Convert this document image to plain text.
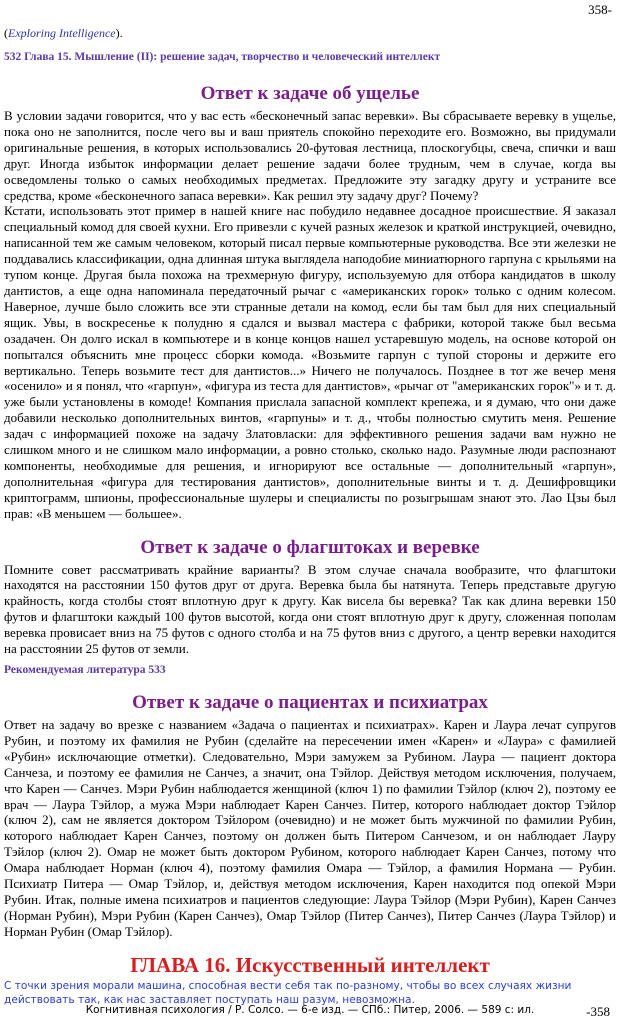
358-

(Exploring Intelligence).

532 Глава 15. Мышление (II): решение задач, творчество и человеческий интеллект

Ответ к задаче об ущелье

В условии задачи говорится, что у вас есть «бесконечный запас веревки». Вы сбрасываете веревку в ущелье, пока оно не заполнится, после чего вы и ваш приятель спокойно переходите его. Возможно, вы придумали оригинальные решения, в которых использовались 20-футовая лестница, плоскогубцы, свеча, спички и ваш друг. Иногда избыток информации делает решение задачи более трудным, чем в случае, когда вы осведомлены только о самых необходимых предметах. Предложите эту загадку другу и устраните все средства, кроме «бесконечного запаса веревки». Как решил эту задачу друг? Почему?

Кстати, использовать этот пример в нашей книге нас побудило недавнее досадное происшествие. Я заказал специальный комод для своей кухни. Его привезли с кучей разных железок и краткой инструкцией, очевидно, написанной тем же самым человеком, который писал первые компьютерные руководства. Все эти железки не поддавались классификации, одна длинная штука выглядела наподобие миниатюрного гарпуна с крыльями на тупом конце. Другая была похожа на трехмерную фигуру, используемую для отбора кандидатов в школу дантистов, а еще одна напоминала передаточный рычаг с «американских горок» только с одним колесом. Наверное, лучше было сложить все эти странные детали на комод, если бы там был для них специальный ящик. Увы, в воскресенье к полудню я сдался и вызвал мастера с фабрики, которой также был весьма озадачен. Он долго искал в компьютере и в конце концов нашел устаревшую модель, на основе которой он попытался объяснить мне процесс сборки комода. «Возьмите гарпун с тупой стороны и держите его вертикально. Теперь возьмите тест для дантистов...» Ничего не получалось. Позднее в тот же вечер меня «осенило» и я понял, что «гарпун», «фигура из теста для дантистов», «рычаг от "американских горок"» и т. д. уже были установлены в комоде! Компания прислала запасной комплект крепежа, и я думаю, что они даже добавили несколько дополнительных винтов, «гарпуны» и т. д., чтобы полностью смутить меня. Решение задач с информацией похоже на задачу Златовласки: для эффективного решения задачи вам нужно не слишком много и не слишком мало информации, а ровно столько, сколько надо. Разумные люди распознают компоненты, необходимые для решения, и игнорируют все остальные — дополнительный «гарпун», дополнительная «фигура для тестирования дантистов», дополнительные винты и т. д. Дешифровщики криптограмм, шпионы, профессиональные шулеры и специалисты по розыгрышам знают это. Лао Цзы был прав: «В меньшем — большее».

Ответ к задаче о флагштоках и веревке

Помните совет рассматривать крайние варианты? В этом случае сначала вообразите, что флагштоки находятся на расстоянии 150 футов друг от друга. Веревка была бы натянута. Теперь представьте другую крайность, когда столбы стоят вплотную друг к другу. Как висела бы веревка? Так как длина веревки 150 футов и флагштоки каждый 100 футов высотой, когда они стоят вплотную друг к другу, сложенная пополам веревка провисает вниз на 75 футов с одного столба и на 75 футов вниз с другого, а центр веревки находится на расстоянии 25 футов от земли.

Рекомендуемая литература 533

Ответ к задаче о пациентах и психиатрах

Ответ на задачу во врезке с названием «Задача о пациентах и психиатрах». Карен и Лаура лечат супругов Рубин, и поэтому их фамилия не Рубин (сделайте на пересечении имен «Карен» и «Лаура» с фамилией «Рубин» исключающие отметки). Следовательно, Мэри замужем за Рубином. Лаура — пациент доктора Санчеза, и поэтому ее фамилия не Санчез, а значит, она Тэйлор. Действуя методом исключения, получаем, что Карен — Санчез. Мэри Рубин наблюдается женщиной (ключ 1) по фамилии Тэйлор (ключ 2), поэтому ее врач — Лаура Тэйлор, а мужа Мэри наблюдает Карен Санчез. Питер, которого наблюдает доктор Тэйлор (ключ 2), сам не является доктором Тэйлором (очевидно) и не может быть мужчиной по фамилии Рубин, которого наблюдает Карен Санчез, поэтому он должен быть Питером Санчезом, и он наблюдает Лауру Тэйлор (ключ 2). Омар не может быть доктором Рубином, которого наблюдает Карен Санчез, потому что Омара наблюдает Норман (ключ 4), поэтому фамилия Омара — Тэйлор, а фамилия Нормана — Рубин. Психиатр Питера — Омар Тэйлор, и, действуя методом исключения, Карен находится под опекой Мэри Рубин. Итак, полные имена психиатров и пациентов следующие: Лаура Тэйлор (Мэри Рубин), Карен Санчез (Норман Рубин), Мэри Рубин (Карен Санчез), Омар Тэйлор (Питер Санчез), Питер Санчез (Лаура Тэйлор) и Норман Рубин (Омар Тэйлор).

ГЛАВА 16. Искусственный интеллект

С точки зрения морали машина, способная вести себя так по-разному, чтобы во всех случаях жизни действовать так, как нас заставляет поступать наш разум, невозможна.

Когнитивная психология / Р. Солсо. — 6-е изд. — СПб.: Питер, 2006. — 589 с: ил.	-358
